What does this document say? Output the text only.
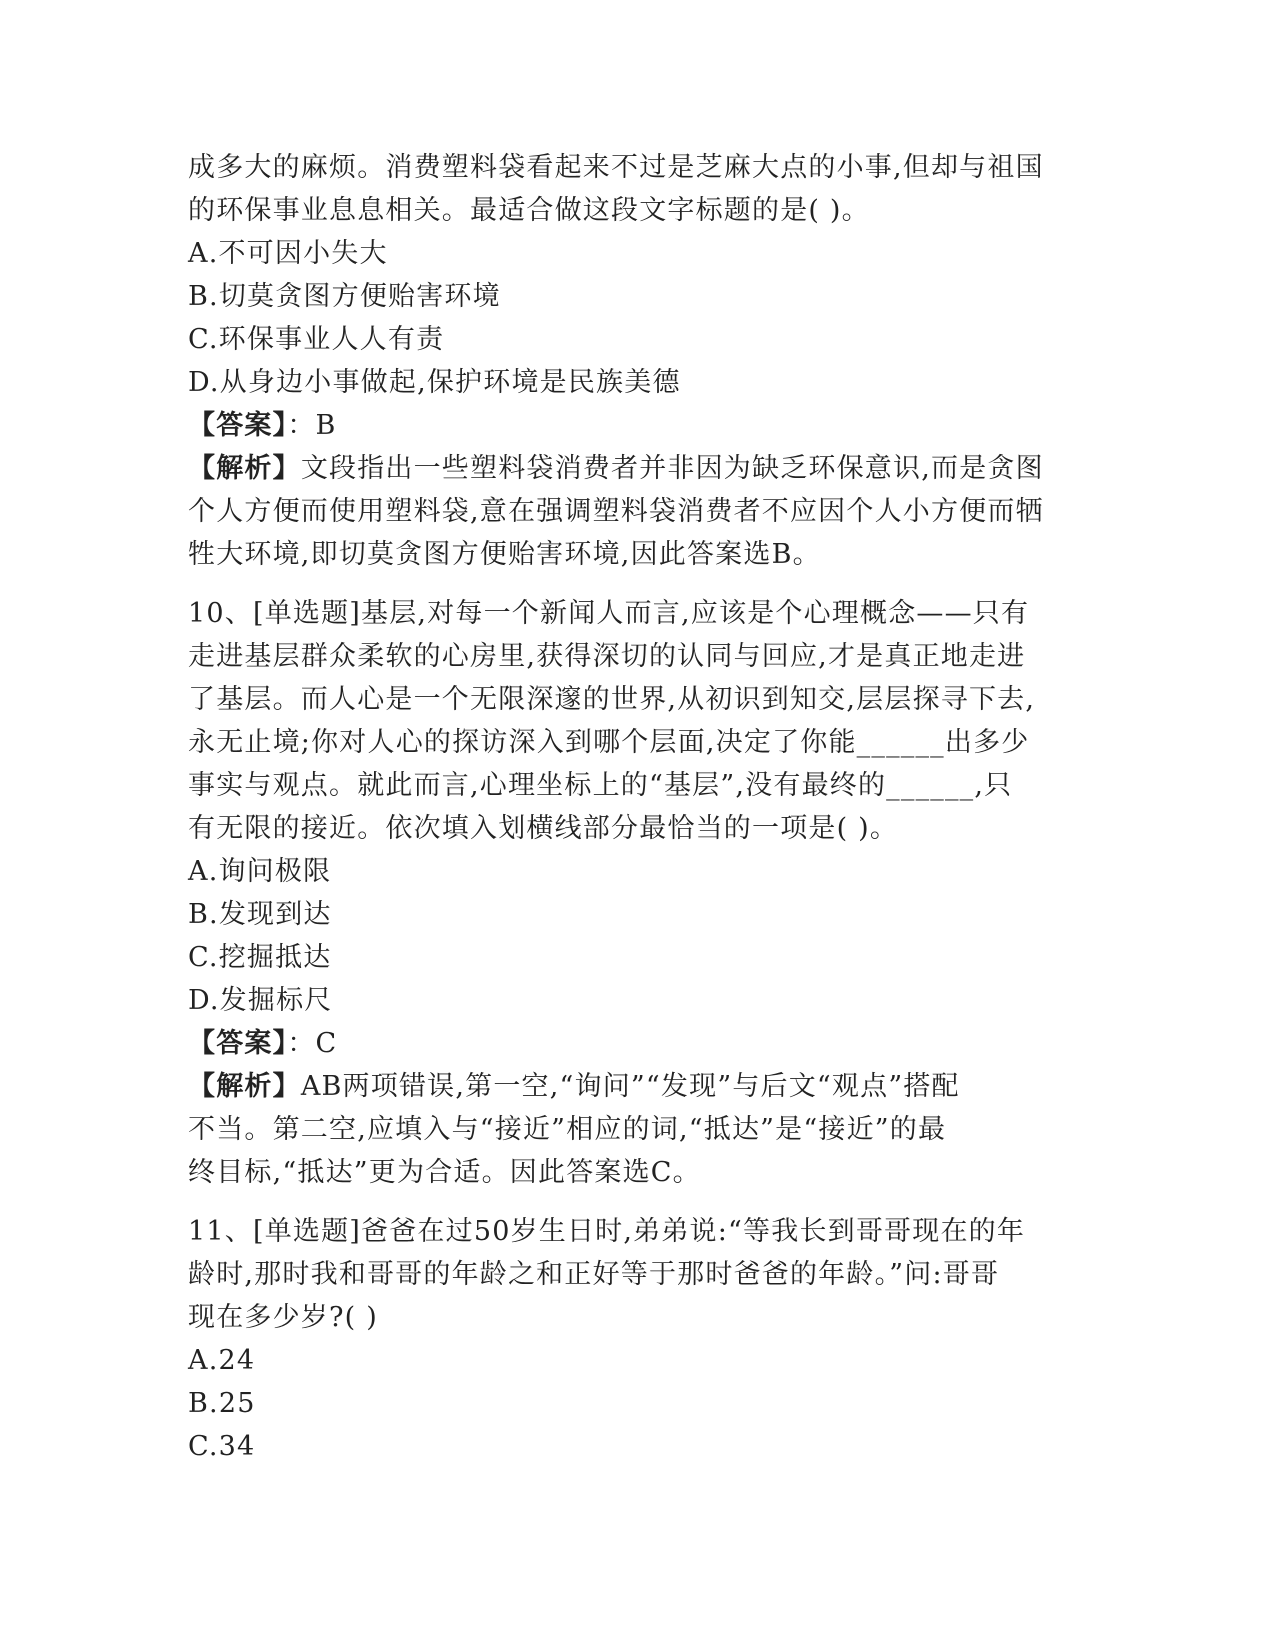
成多大的麻烦。消费塑料袋看起来不过是芝麻大点的小事,但却与祖国
的环保事业息息相关。最适合做这段文字标题的是( )。
A.不可因小失大
B.切莫贪图方便贻害环境
C.环保事业人人有责
D.从身边小事做起,保护环境是民族美德
【答案】：B
【解析】文段指出一些塑料袋消费者并非因为缺乏环保意识,而是贪图
个人方便而使用塑料袋,意在强调塑料袋消费者不应因个人小方便而牺
牲大环境,即切莫贪图方便贻害环境,因此答案选B。
10、[单选题]基层,对每一个新闻人而言,应该是个心理概念——只有
走进基层群众柔软的心房里,获得深切的认同与回应,才是真正地走进
了基层。而人心是一个无限深邃的世界,从初识到知交,层层探寻下去,
永无止境;你对人心的探访深入到哪个层面,决定了你能______出多少
事实与观点。就此而言,心理坐标上的“基层”,没有最终的______,只
有无限的接近。依次填入划横线部分最恰当的一项是( )。
A.询问极限
B.发现到达
C.挖掘抵达
D.发掘标尺
【答案】：C
【解析】AB两项错误,第一空,“询问”“发现”与后文“观点”搭配
不当。第二空,应填入与“接近”相应的词,“抵达”是“接近”的最
终目标,“抵达”更为合适。因此答案选C。
11、[单选题]爸爸在过50岁生日时,弟弟说:“等我长到哥哥现在的年
龄时,那时我和哥哥的年龄之和正好等于那时爸爸的年龄。”问:哥哥
现在多少岁?( )
A.24
B.25
C.34
